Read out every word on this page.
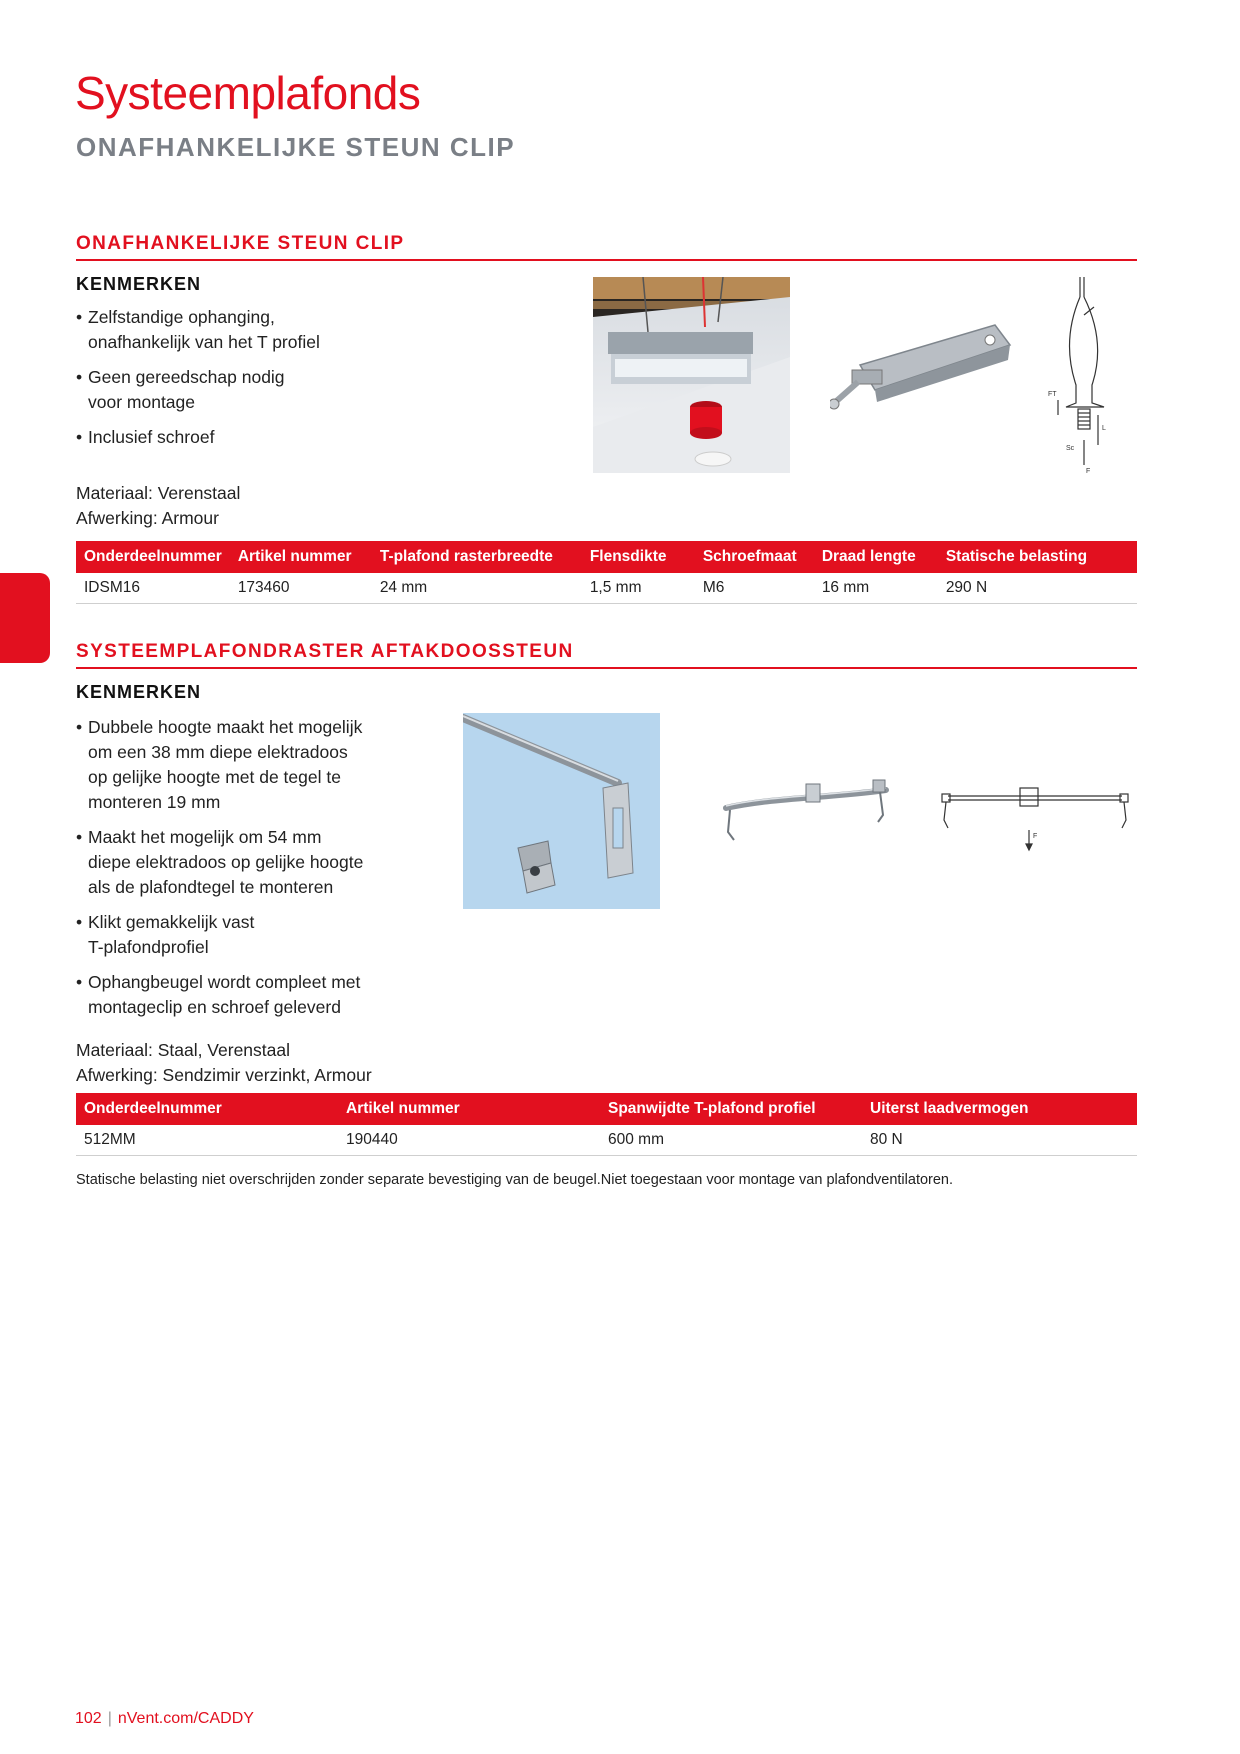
Systeemplafonds
ONAFHANKELIJKE STEUN CLIP
ONAFHANKELIJKE STEUN CLIP
KENMERKEN
• Zelfstandige ophanging,
onafhankelijk van het T profiel
• Geen gereedschap nodig
voor montage
• Inclusief schroef
Materiaal: Verenstaal
Afwerking: Armour
FT
Sc
L
F
Onderdeelnummer	Artikel nummer	T-plafond rasterbreedte	Flensdikte	Schroefmaat	Draad lengte	Statische belasting
IDSM16	173460	24 mm	1,5 mm	M6	16 mm	290 N
SYSTEEMPLAFONDRASTER AFTAKDOOSSTEUN
KENMERKEN
• Dubbele hoogte maakt het mogelijk
om een 38 mm diepe elektradoos
op gelijke hoogte met de tegel te
monteren 19 mm
• Maakt het mogelijk om 54 mm
diepe elektradoos op gelijke hoogte
als de plafondtegel te monteren
• Klikt gemakkelijk vast
T-plafondprofiel
• Ophangbeugel wordt compleet met
montageclip en schroef geleverd
Materiaal: Staal, Verenstaal
Afwerking: Sendzimir verzinkt, Armour
F
Onderdeelnummer	Artikel nummer	Spanwijdte T-plafond profiel	Uiterst laadvermogen
512MM	190440	600 mm	80 N
Statische belasting niet overschrijden zonder separate bevestiging van de beugel.Niet toegestaan voor montage van plafondventilatoren.
102 | nVent.com/CADDY
